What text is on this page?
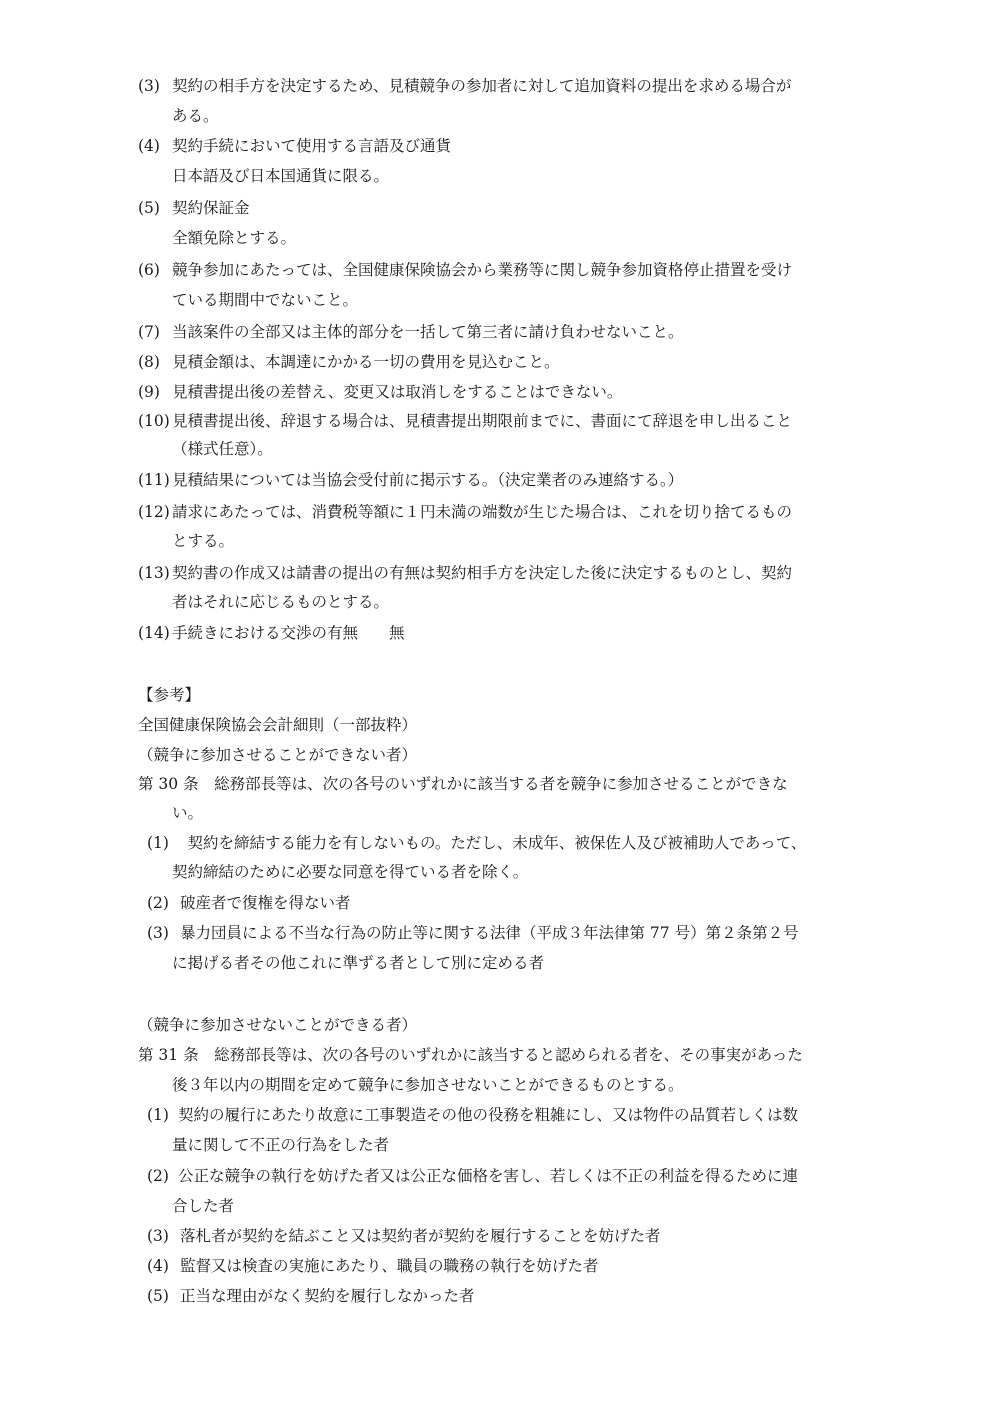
(3) 契約の相手方を決定するため、見積競争の参加者に対して追加資料の提出を求める場合が
ある。
(4) 契約手続において使用する言語及び通貨
日本語及び日本国通貨に限る。
(5) 契約保証金
全額免除とする。
(6) 競争参加にあたっては、全国健康保険協会から業務等に関し競争参加資格停止措置を受け
ている期間中でないこと。
(7) 当該案件の全部又は主体的部分を一括して第三者に請け負わせないこと。
(8) 見積金額は、本調達にかかる一切の費用を見込むこと。
(9) 見積書提出後の差替え、変更又は取消しをすることはできない。
(10) 見積書提出後、辞退する場合は、見積書提出期限前までに、書面にて辞退を申し出ること
（様式任意）。
(11) 見積結果については当協会受付前に掲示する。（決定業者のみ連絡する。）
(12) 請求にあたっては、消費税等額に１円未満の端数が生じた場合は、これを切り捨てるもの
とする。
(13) 契約書の作成又は請書の提出の有無は契約相手方を決定した後に決定するものとし、契約
者はそれに応じるものとする。
(14) 手続きにおける交渉の有無　　無
【参考】
全国健康保険協会会計細則（一部抜粋）
（競争に参加させることができない者）
第 30 条　総務部長等は、次の各号のいずれかに該当する者を競争に参加させることができな
い。
(1) 　契約を締結する能力を有しないもの。ただし、未成年、被保佐人及び被補助人であって、
契約締結のために必要な同意を得ている者を除く。
(2) 破産者で復権を得ない者
(3) 暴力団員による不当な行為の防止等に関する法律（平成３年法律第 77 号）第２条第２号
に掲げる者その他これに準ずる者として別に定める者
（競争に参加させないことができる者）
第 31 条　総務部長等は、次の各号のいずれかに該当すると認められる者を、その事実があった
後３年以内の期間を定めて競争に参加させないことができるものとする。
(1) 契約の履行にあたり故意に工事製造その他の役務を粗雑にし、又は物件の品質若しくは数
量に関して不正の行為をした者
(2) 公正な競争の執行を妨げた者又は公正な価格を害し、若しくは不正の利益を得るために連
合した者
(3) 落札者が契約を結ぶこと又は契約者が契約を履行することを妨げた者
(4) 監督又は検査の実施にあたり、職員の職務の執行を妨げた者
(5) 正当な理由がなく契約を履行しなかった者
